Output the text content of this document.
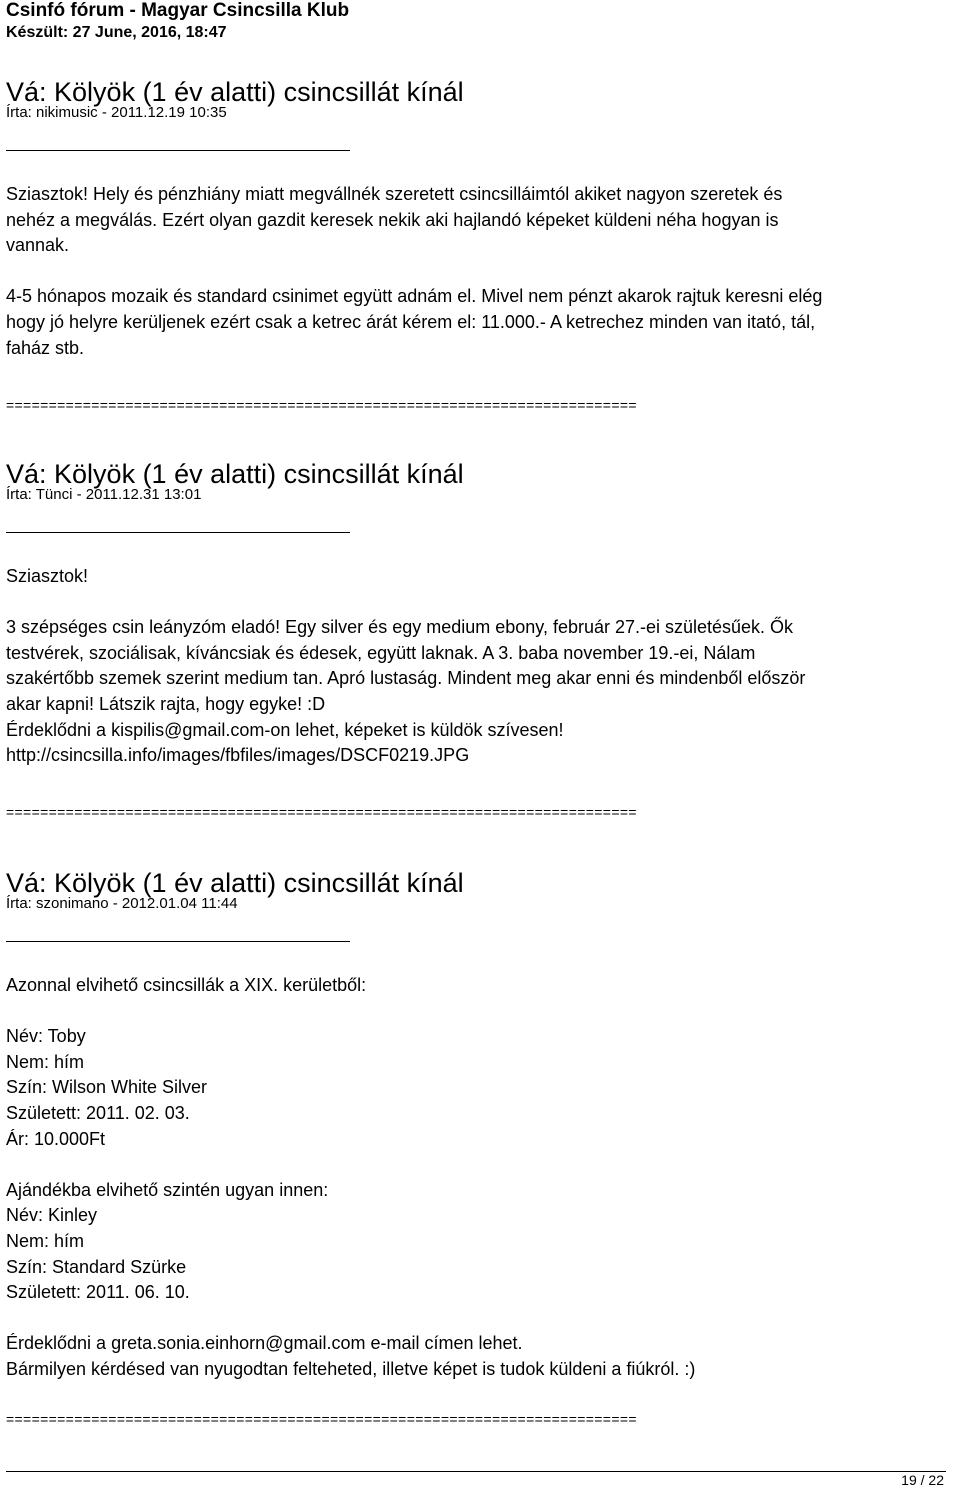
Csinfó fórum - Magyar Csincsilla Klub
Készült: 27 June, 2016, 18:47
Vá: Kölyök (1 év alatti) csincsillát kínál
Írta: nikimusic - 2011.12.19 10:35

Sziasztok! Hely és pénzhiány miatt megvállnék szeretett csincsilláimtól akiket nagyon szeretek és

nehéz a megválás. Ezért olyan gazdit keresek nekik aki hajlandó képeket küldeni néha hogyan is

vannak.

4-5 hónapos mozaik és standard csinimet együtt adnám el. Mivel nem pénzt akarok rajtuk keresni elég

hogy jó helyre kerüljenek ezért csak a ketrec árát kérem el: 11.000.- A ketrechez minden van itató, tál,

faház stb.

==========================================================================
Vá: Kölyök (1 év alatti) csincsillát kínál
Írta: Tünci - 2011.12.31 13:01

Sziasztok!

3 szépséges csin leányzóm eladó! Egy silver és egy medium ebony, február 27.-ei születésűek. Ők

testvérek, szociálisak, kíváncsiak és édesek, együtt laknak. A 3. baba november 19.-ei, Nálam

szakértőbb szemek szerint medium tan. Apró lustaság. Mindent meg akar enni és mindenből először

akar kapni! Látszik rajta, hogy egyke! :D

Érdeklődni a kispilis@gmail.com-on lehet, képeket is küldök szívesen!

http://csincsilla.info/images/fbfiles/images/DSCF0219.JPG

==========================================================================
Vá: Kölyök (1 év alatti) csincsillát kínál
Írta: szonimano - 2012.01.04 11:44

Azonnal elvihető csincsillák a XIX. kerületből:

Név: Toby

Nem: hím

Szín: Wilson White Silver

Született: 2011. 02. 03.

Ár: 10.000Ft

Ajándékba elvihető szintén ugyan innen:

Név: Kinley

Nem: hím

Szín: Standard Szürke

Született: 2011. 06. 10.

Érdeklődni a greta.sonia.einhorn@gmail.com e-mail címen lehet.

Bármilyen kérdésed van nyugodtan felteheted, illetve képet is tudok küldeni a fiúkról. :)

==========================================================================
19 / 22
